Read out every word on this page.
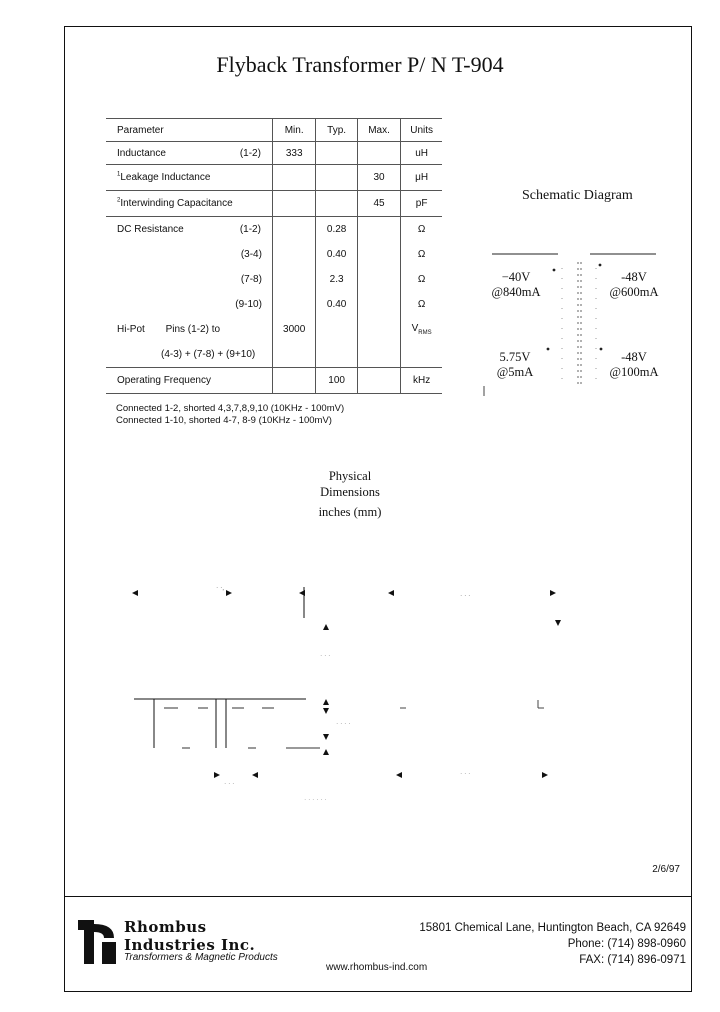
Flyback Transformer P/ N T-904
Parameter	Min.	Typ.	Max.	Units
Inductance (1-2)	333			uH
$^1$Leakage Inductance			30	μH
$^2$Interwinding Capacitance			45	pF
DC Resistance (1-2)		0.28		Ω
(3-4)		0.40		Ω
(7-8)		2.3		Ω
(9-10)		0.40		Ω
Hi-Pot Pins (1-2) to	3000			$V_{RMS}$
(4-3) + (7-8) + (9+10)				
Operating Frequency		100		kHz
Connected 1-2, shorted 4,3,7,8,9,10 (10KHz - 100mV)
Connected 1-10, shorted 4-7, 8-9 (10KHz - 100mV)
Schematic Diagram
−40V
@840mA
-48V
@600mA
5.75V
@5mA
-48V
@100mA
Physical
Dimensions
inches (mm)
· ·,
· · ·
· · ·
· · · ·
· · ·
· · ·
· · · · · ·
2/6/97
Rhombus
Industries Inc.
Transformers & Magnetic Products
15801 Chemical Lane, Huntington Beach, CA 92649
Phone: (714) 898-0960
FAX: (714) 896-0971
www.rhombus-ind.com
